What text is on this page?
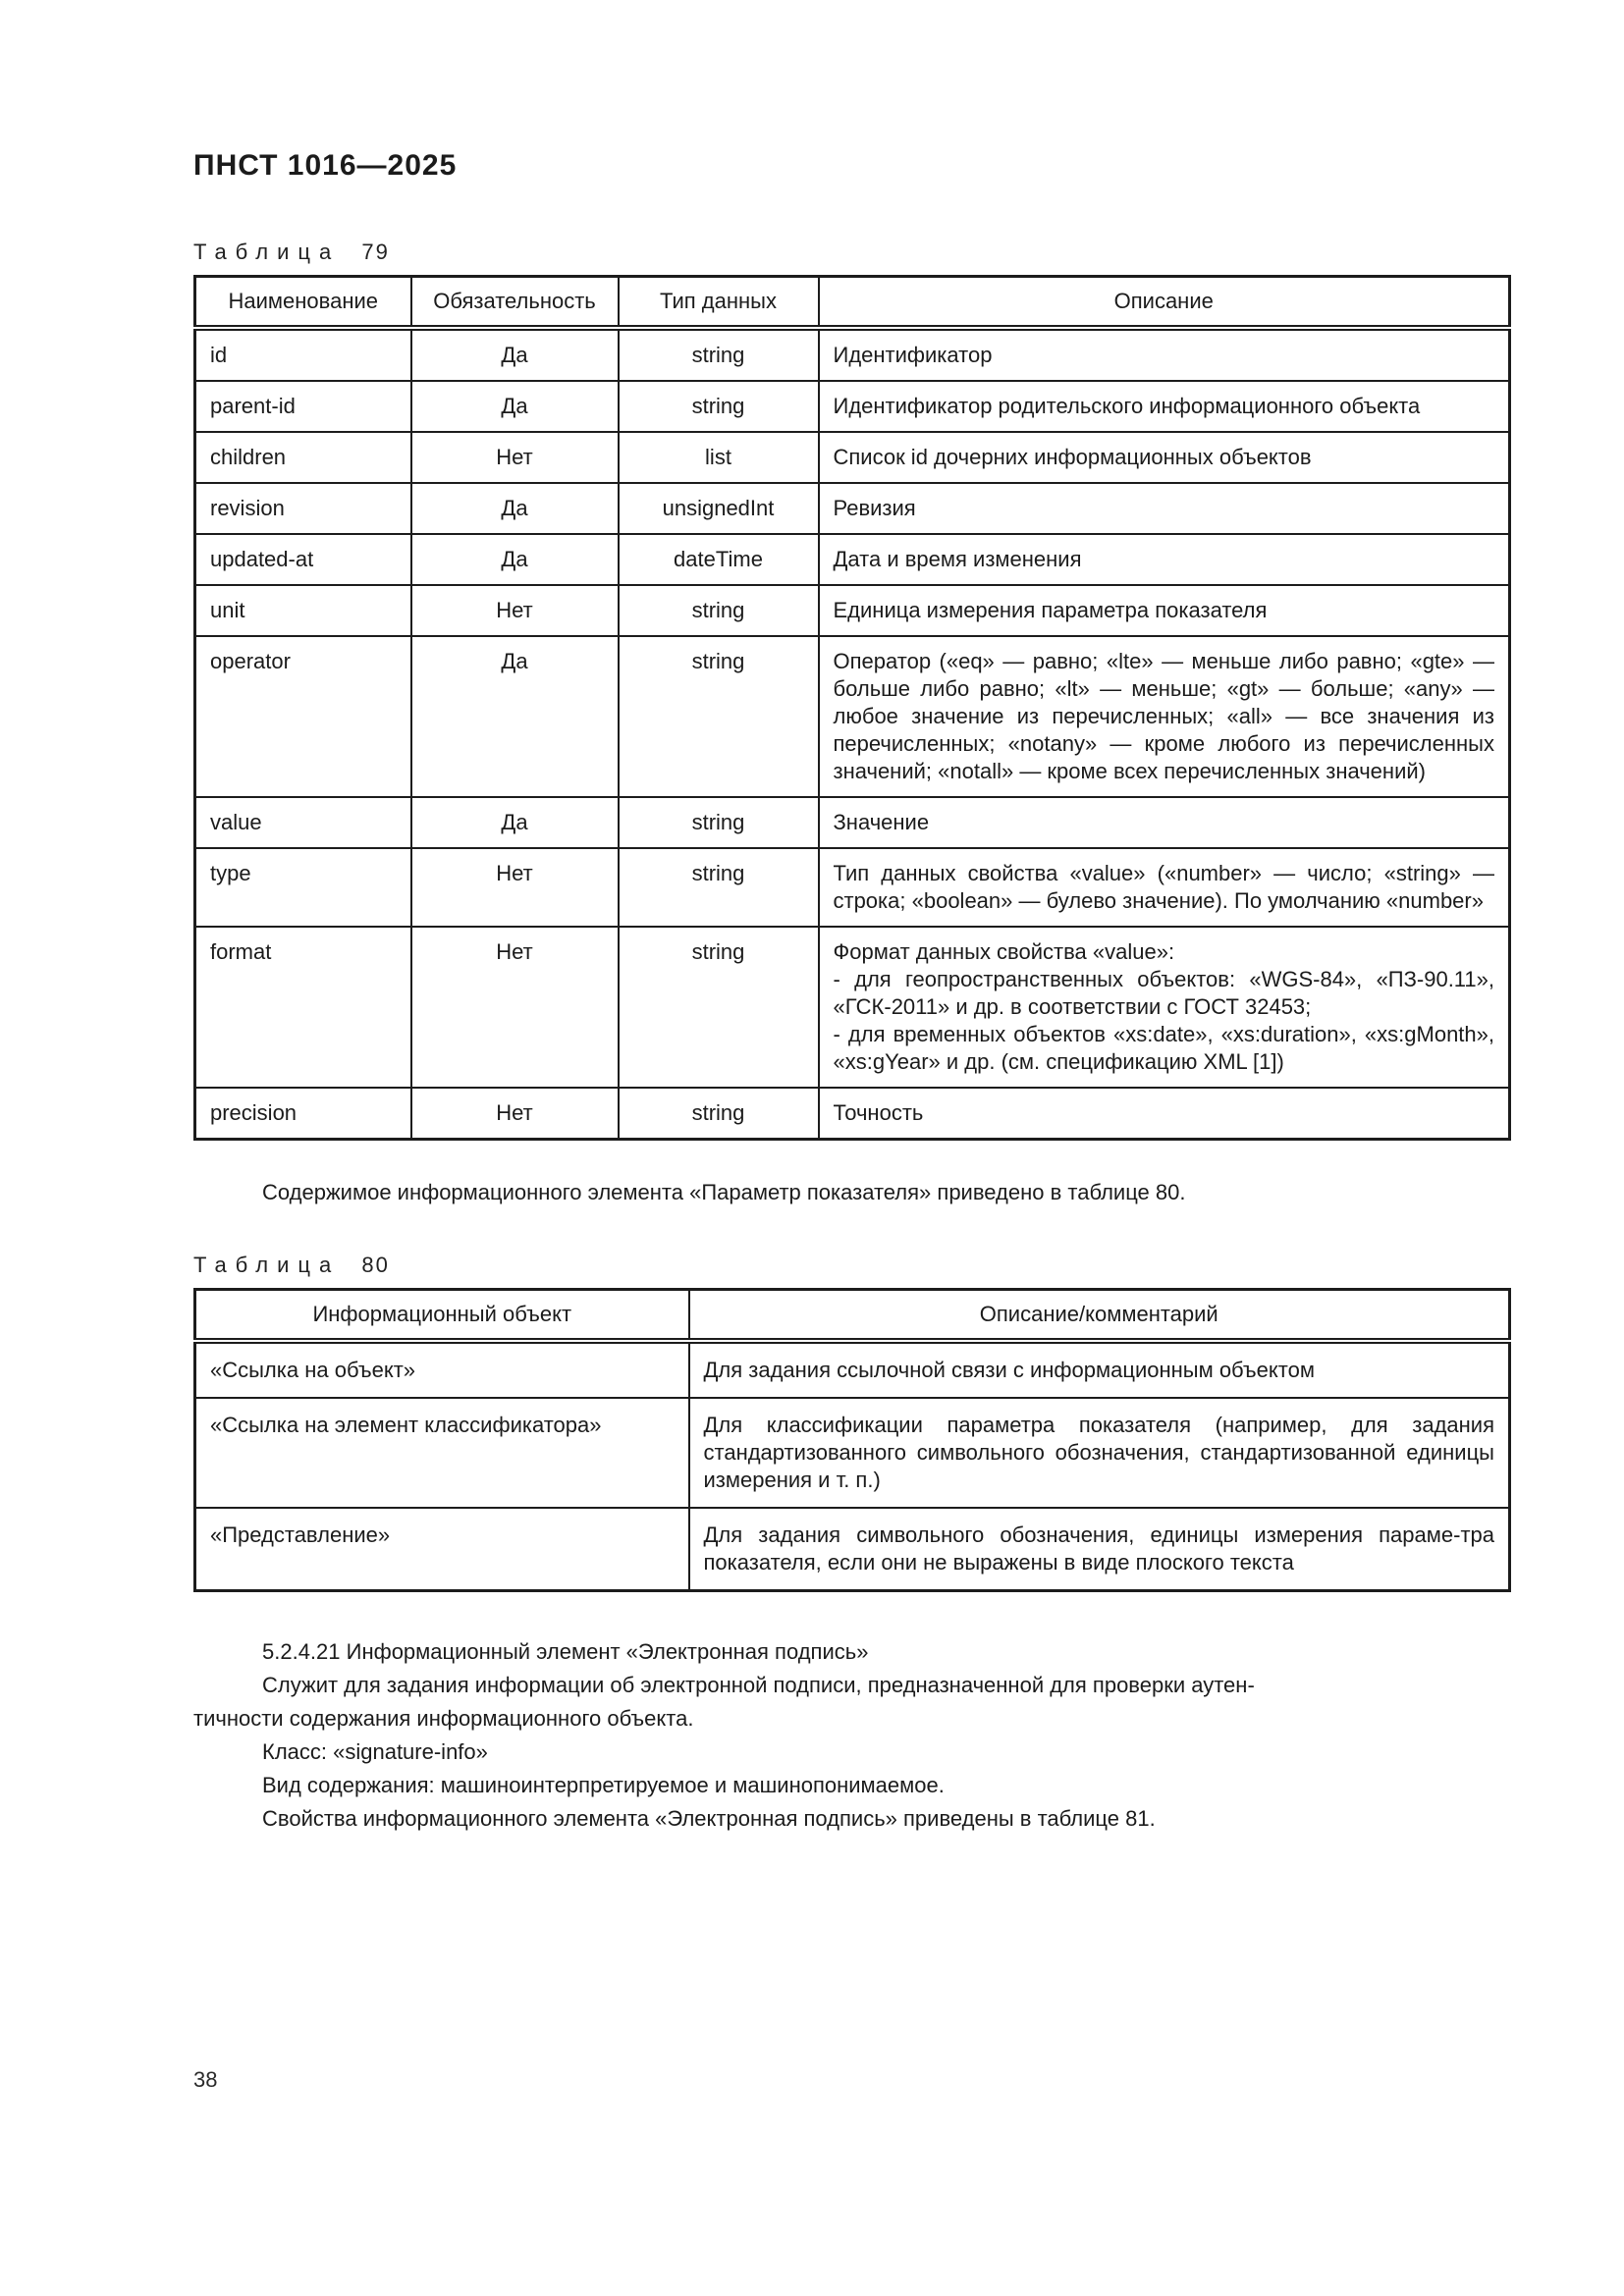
ПНСТ 1016—2025
Таблица 79
Наименование	Обязательность	Тип данных	Описание
id	Да	string	Идентификатор
parent-id	Да	string	Идентификатор родительского информационного объекта
children	Нет	list	Список id дочерних информационных объектов
revision	Да	unsignedInt	Ревизия
updated-at	Да	dateTime	Дата и время изменения
unit	Нет	string	Единица измерения параметра показателя
operator	Да	string	Оператор («eq» — равно; «lte» — меньше либо равно; «gte» — больше либо равно; «lt» — меньше; «gt» — больше; «any» — любое значение из перечисленных; «all» — все значения из перечисленных; «notany» — кроме любого из перечисленных значений; «notall» — кроме всех перечисленных значений)
value	Да	string	Значение
type	Нет	string	Тип данных свойства «value» («number» — число; «string» — строка; «boolean» — булево значение). По умолчанию «number»
format	Нет	string	Формат данных свойства «value»:
- для геопространственных объектов: «WGS-84», «ПЗ-90.11», «ГСК-2011» и др. в соответствии с ГОСТ 32453;
- для временных объектов «xs:date», «xs:duration», «xs:gMonth», «xs:gYear» и др. (см. спецификацию XML [1])

precision	Нет	string	Точность

Содержимое информационного элемента «Параметр показателя» приведено в таблице 80.

Таблица 80
Информационный объект	Описание/комментарий
«Ссылка на объект»	Для задания ссылочной связи с информационным объектом
«Ссылка на элемент классификатора»	Для классификации параметра показателя (например, для задания стандартизованного символьного обозначения, стандартизованной единицы измерения и т. п.)
«Представление»	Для задания символьного обозначения, единицы измерения параме-тра показателя, если они не выражены в виде плоского текста

5.2.4.21 Информационный элемент «Электронная подпись»

Служит для задания информации об электронной подписи, предназначенной для проверки аутен-

тичности содержания информационного объекта.

Класс: «signature-info»

Вид содержания: машиноинтерпретируемое и машинопонимаемое.

Свойства информационного элемента «Электронная подпись» приведены в таблице 81.

38
